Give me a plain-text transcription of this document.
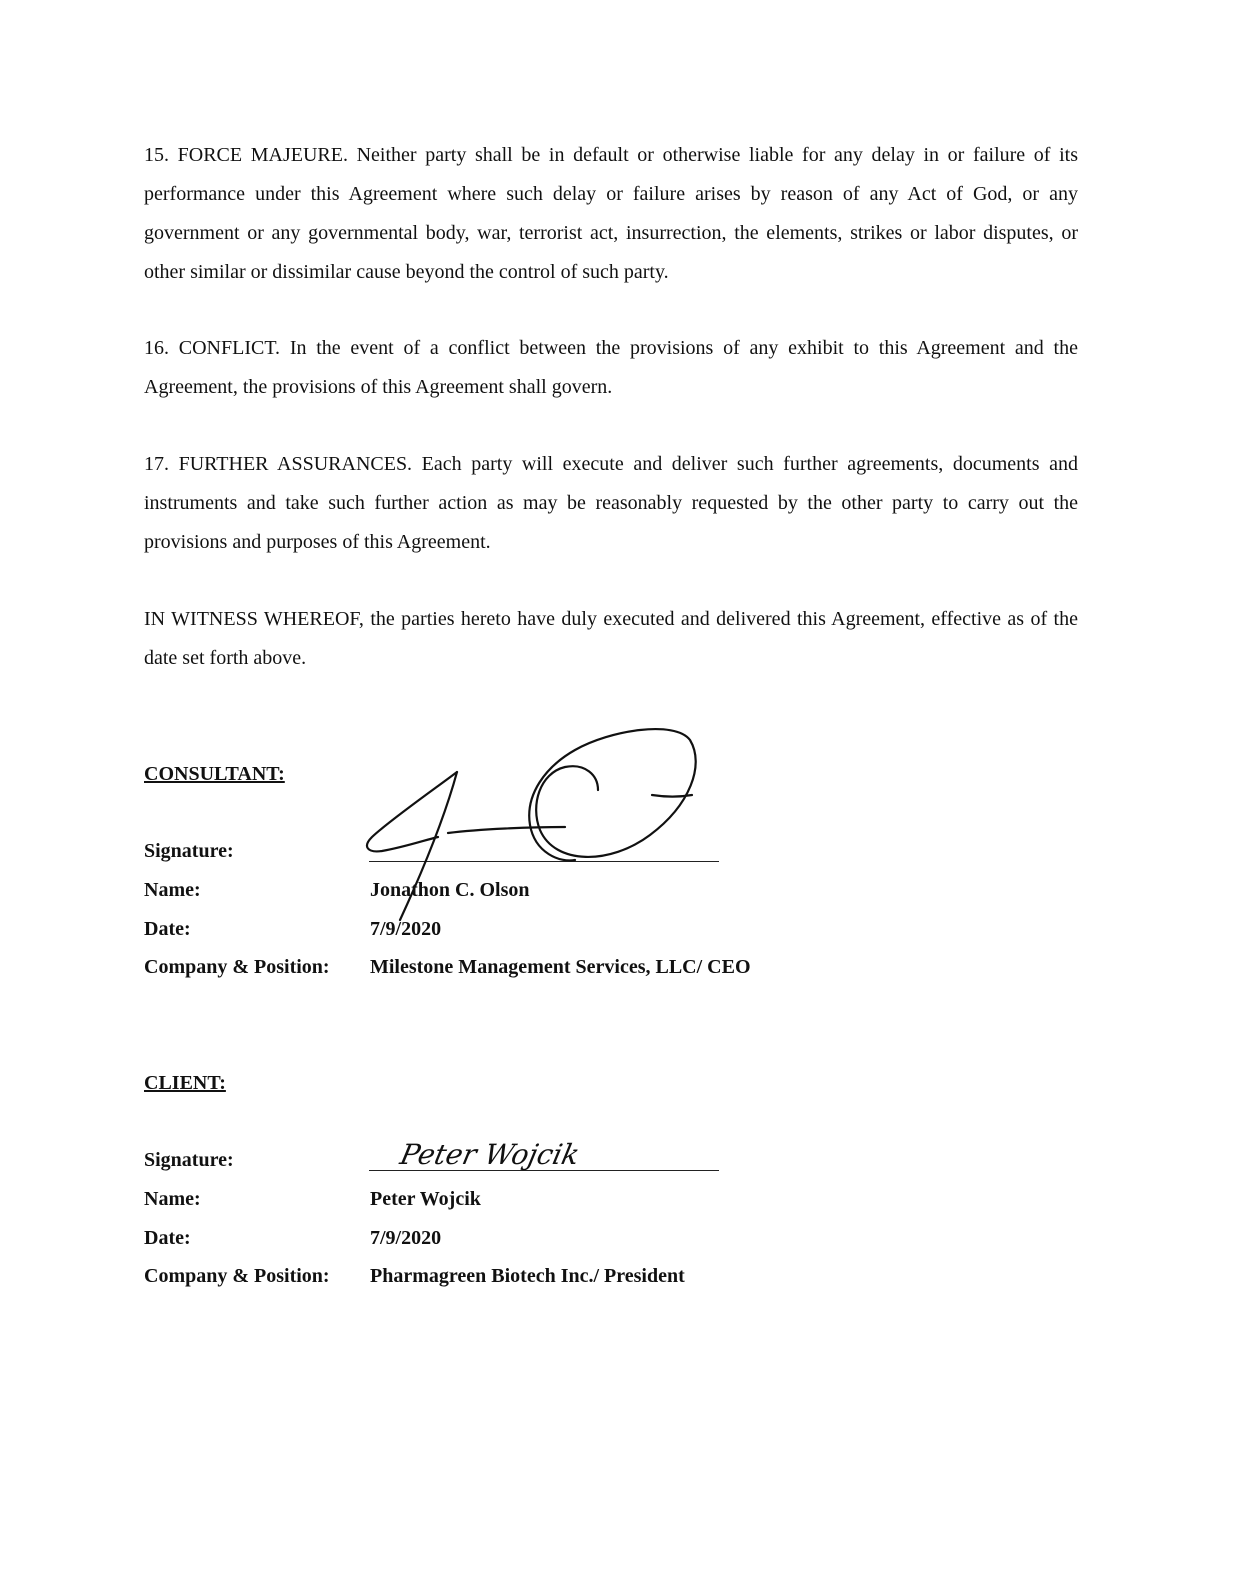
15. FORCE MAJEURE. Neither party shall be in default or otherwise liable for any delay in or failure of its performance under this Agreement where such delay or failure arises by reason of any Act of God, or any government or any governmental body, war, terrorist act, insurrection, the elements, strikes or labor disputes, or other similar or dissimilar cause beyond the control of such party.

16. CONFLICT. In the event of a conflict between the provisions of any exhibit to this Agreement and the Agreement, the provisions of this Agreement shall govern.

17. FURTHER ASSURANCES. Each party will execute and deliver such further agreements, documents and instruments and take such further action as may be reasonably requested by the other party to carry out the provisions and purposes of this Agreement.

IN WITNESS WHEREOF, the parties hereto have duly executed and delivered this Agreement, effective as of the date set forth above.

CONSULTANT:
Signature:
Name:	Jonathon C. Olson
Date:	7/9/2020
Company & Position: Milestone Management Services, LLC/ CEO
CLIENT:
Signature:	Peter Wojcik
Name:	Peter Wojcik
Date:	7/9/2020
Company & Position: Pharmagreen Biotech Inc./ President
